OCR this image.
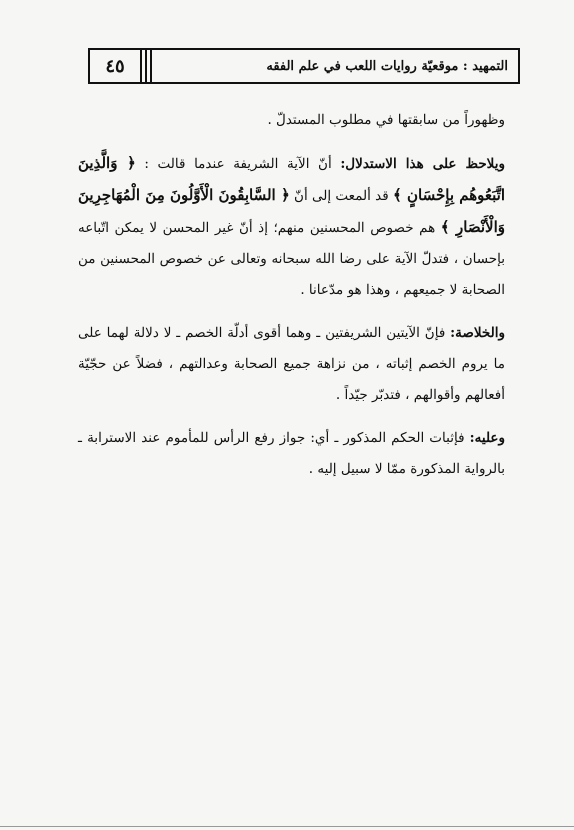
٤٥	التمهيد : موقعيّة روايات اللعب في علم الفقه

وظهوراً من سابقتها في مطلوب المستدلّ .

ويلاحظ على هذا الاستدلال: أنّ الآية الشريفة عندما قالت : ﴿ وَالَّذِينَ اتَّبَعُوهُم بِإِحْسَانٍ ﴾ قد ألمعت إلى أنّ ﴿ السَّابِقُونَ الْأَوَّلُونَ مِنَ الْمُهَاجِرِينَ وَالْأَنْصَارِ ﴾ هم خصوص المحسنين منهم؛ إذ أنّ غير المحسن لا يمكن اتّباعه بإحسان ، فتدلّ الآية على رضا الله سبحانه وتعالى عن خصوص المحسنين من الصحابة لا جميعهم ، وهذا هو مدّعانا .

والخلاصة: فإنّ الآيتين الشريفتين ـ وهما أقوى أدلّة الخصم ـ لا دلالة لهما على ما يروم الخصم إثباته ، من نزاهة جميع الصحابة وعدالتهم ، فضلاً عن حجّيّة أفعالهم وأقوالهم ، فتدبّر جيّداً .

وعليه: فإثبات الحكم المذكور ـ أي: جواز رفع الرأس للمأموم عند الاسترابة ـ بالرواية المذكورة ممّا لا سبيل إليه .
